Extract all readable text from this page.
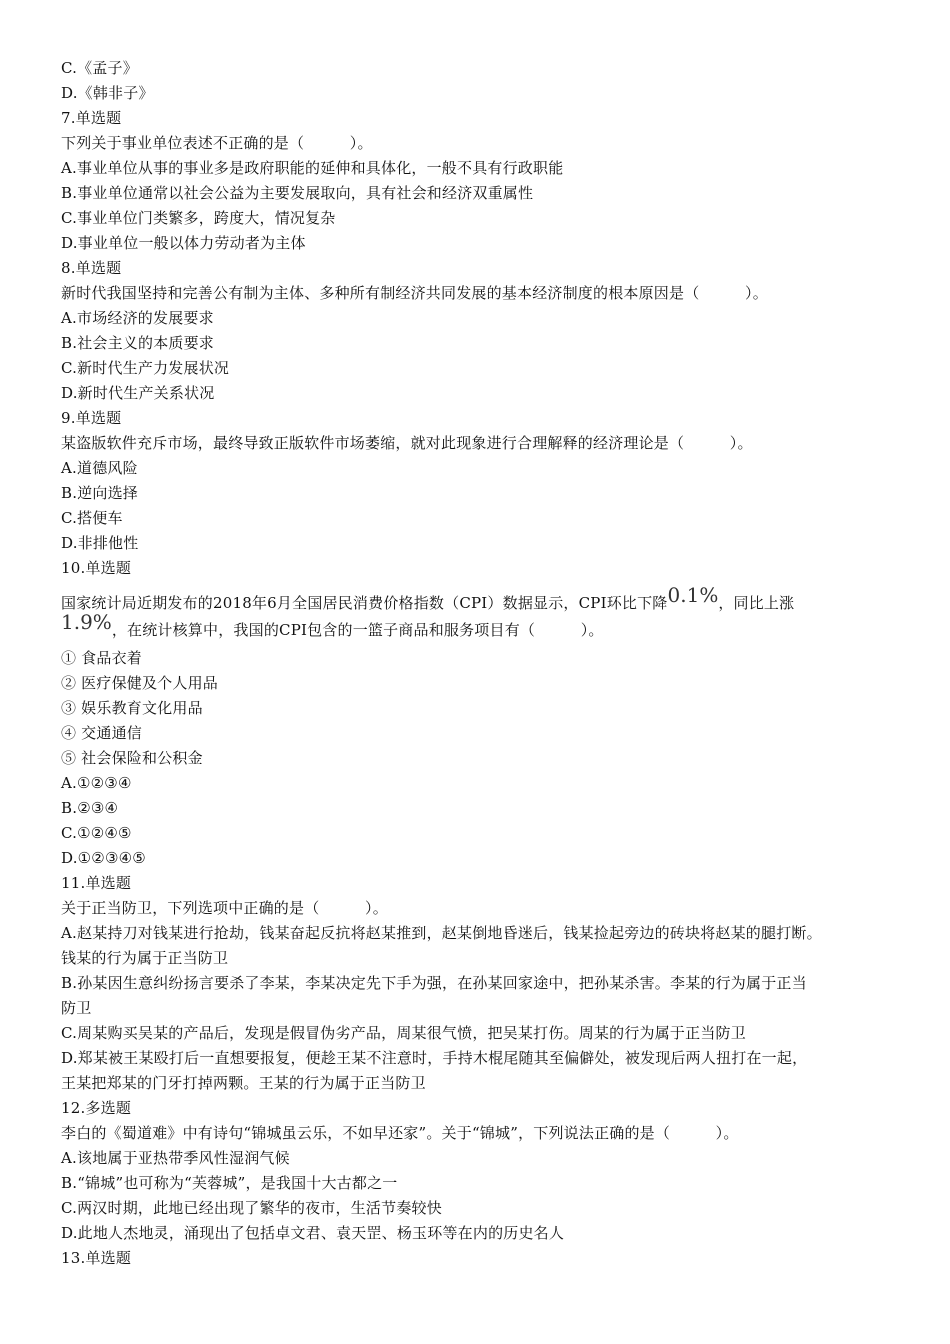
C.《孟子》
D.《韩非子》
7.单选题
下列关于事业单位表述不正确的是（　　　）。
A.事业单位从事的事业多是政府职能的延伸和具体化，一般不具有行政职能
B.事业单位通常以社会公益为主要发展取向，具有社会和经济双重属性
C.事业单位门类繁多，跨度大，情况复杂
D.事业单位一般以体力劳动者为主体
8.单选题
新时代我国坚持和完善公有制为主体、多种所有制经济共同发展的基本经济制度的根本原因是（　　　）。
A.市场经济的发展要求
B.社会主义的本质要求
C.新时代生产力发展状况
D.新时代生产关系状况
9.单选题
某盗版软件充斥市场，最终导致正版软件市场萎缩，就对此现象进行合理解释的经济理论是（　　　）。
A.道德风险
B.逆向选择
C.搭便车
D.非排他性
10.单选题
国家统计局近期发布的2018年6月全国居民消费价格指数（CPI）数据显示，CPI环比下降0.1%，同比上涨
1.9%，在统计核算中，我国的CPI包含的一篮子商品和服务项目有（　　　）。
① 食品衣着
② 医疗保健及个人用品
③ 娱乐教育文化用品
④ 交通通信
⑤ 社会保险和公积金
A.①②③④
B.②③④
C.①②④⑤
D.①②③④⑤
11.单选题
关于正当防卫，下列选项中正确的是（　　　）。
A.赵某持刀对钱某进行抢劫，钱某奋起反抗将赵某推到，赵某倒地昏迷后，钱某捡起旁边的砖块将赵某的腿打断。
钱某的行为属于正当防卫
B.孙某因生意纠纷扬言要杀了李某，李某决定先下手为强，在孙某回家途中，把孙某杀害。李某的行为属于正当
防卫
C.周某购买吴某的产品后，发现是假冒伪劣产品，周某很气愤，把吴某打伤。周某的行为属于正当防卫
D.郑某被王某殴打后一直想要报复，便趁王某不注意时，手持木棍尾随其至偏僻处，被发现后两人扭打在一起，
王某把郑某的门牙打掉两颗。王某的行为属于正当防卫
12.多选题
李白的《蜀道难》中有诗句“锦城虽云乐，不如早还家”。关于“锦城”，下列说法正确的是（　　　）。
A.该地属于亚热带季风性湿润气候
B.“锦城”也可称为“芙蓉城”，是我国十大古都之一
C.两汉时期，此地已经出现了繁华的夜市，生活节奏较快
D.此地人杰地灵，涌现出了包括卓文君、袁天罡、杨玉环等在内的历史名人
13.单选题
